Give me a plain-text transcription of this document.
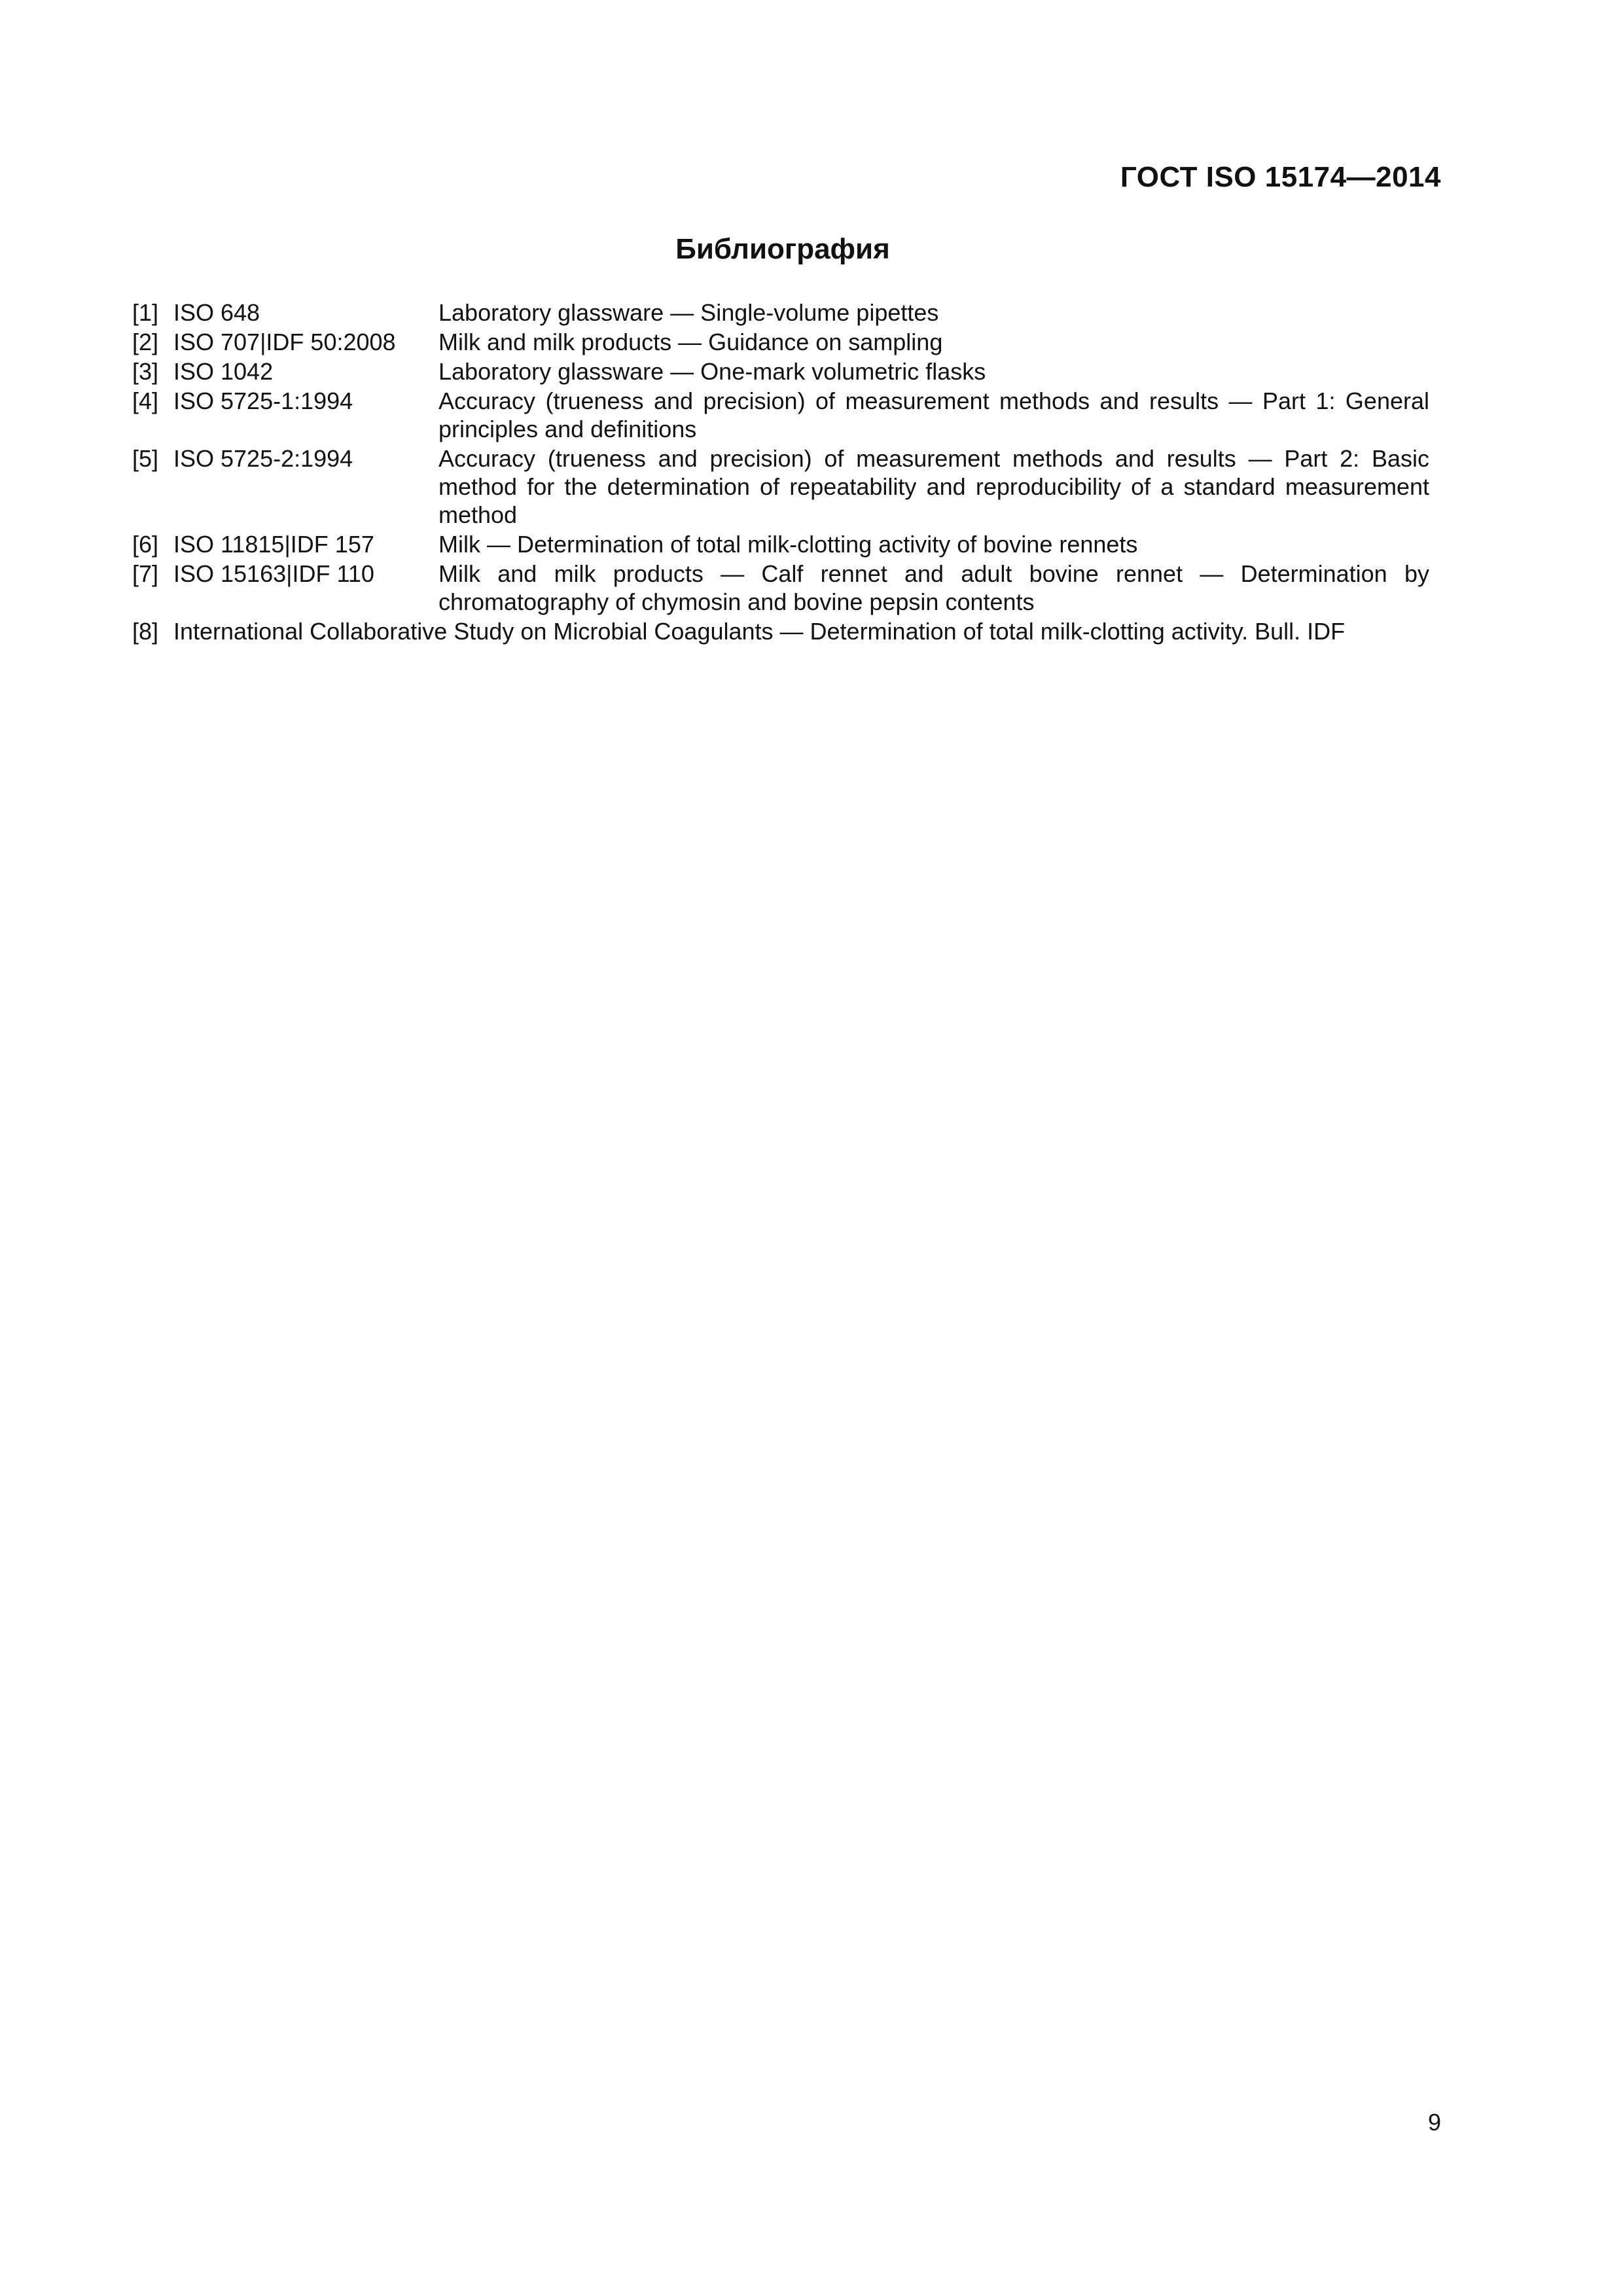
ГОСТ ISO 15174—2014
Библиография
[1] ISO 648	Laboratory glassware — Single-volume pipettes
[2] ISO 707|IDF 50:2008	Milk and milk products — Guidance on sampling
[3] ISO 1042	Laboratory glassware — One-mark volumetric flasks
[4] ISO 5725-1:1994	Accuracy (trueness and precision) of measurement methods and results — Part 1: General principles and definitions
[5] ISO 5725-2:1994	Accuracy (trueness and precision) of measurement methods and results — Part 2: Basic method for the determination of repeatability and reproducibility of a standard measurement method
[6] ISO 11815|IDF 157	Milk — Determination of total milk-clotting activity of bovine rennets
[7] ISO 15163|IDF 110	Milk and milk products — Calf rennet and adult bovine rennet — Determination by chromatography of chymosin and bovine pepsin contents
[8] International Collaborative Study on Microbial Coagulants — Determination of total milk-clotting activity. Bull. IDF
9
